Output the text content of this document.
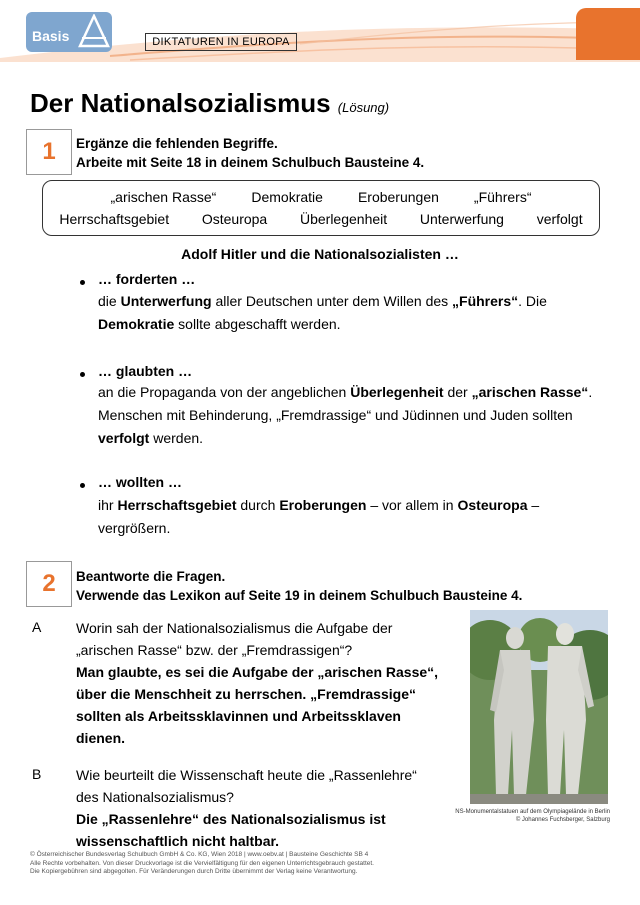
Basis	DIKTATUREN IN EUROPA
Der Nationalsozialismus (Lösung)
1	Ergänze die fehlenden Begriffe.
Arbeite mit Seite 18 in deinem Schulbuch Bausteine 4.
„arischen Rasse“	Demokratie	Eroberungen	„Führers“
Herrschaftsgebiet Osteuropa Überlegenheit Unterwerfung verfolgt
Adolf Hitler und die Nationalsozialisten …
… forderten …
die Unterwerfung aller Deutschen unter dem Willen des „Führers“. Die
Demokratie sollte abgeschafft werden.
… glaubten …
an die Propaganda von der angeblichen Überlegenheit der „arischen Rasse“.
Menschen mit Behinderung, „Fremdrassige“ und Jüdinnen und Juden sollten
verfolgt werden.
… wollten …
ihr Herrschaftsgebiet durch Eroberungen – vor allem in Osteuropa –
vergrößern.
2	Beantworte die Fragen.
Verwende das Lexikon auf Seite 19 in deinem Schulbuch Bausteine 4.
A Worin sah der Nationalsozialismus die Aufgabe der
„arischen Rasse“ bzw. der „Fremdrassigen“?
Man glaubte, es sei die Aufgabe der „arischen Rasse“,
über die Menschheit zu herrschen. „Fremdrassige“
sollten als Arbeitssklavinnen und Arbeitssklaven
dienen.
B Wie beurteilt die Wissenschaft heute die „Rassenlehre“
des Nationalsozialismus?
Die „Rassenlehre“ des Nationalsozialismus ist
wissenschaftlich nicht haltbar.
NS-Monumentalstatuen auf dem Olympiagelände in Berlin
© Johannes Fuchsberger, Salzburg
© Österreichischer Bundesverlag Schulbuch GmbH & Co. KG, Wien 2018 | www.oebv.at | Bausteine Geschichte SB 4
Alle Rechte vorbehalten. Von dieser Druckvorlage ist die Vervielfältigung für den eigenen Unterrichtsgebrauch gestattet.
Die Kopiergebühren sind abgegolten. Für Veränderungen durch Dritte übernimmt der Verlag keine Verantwortung.
